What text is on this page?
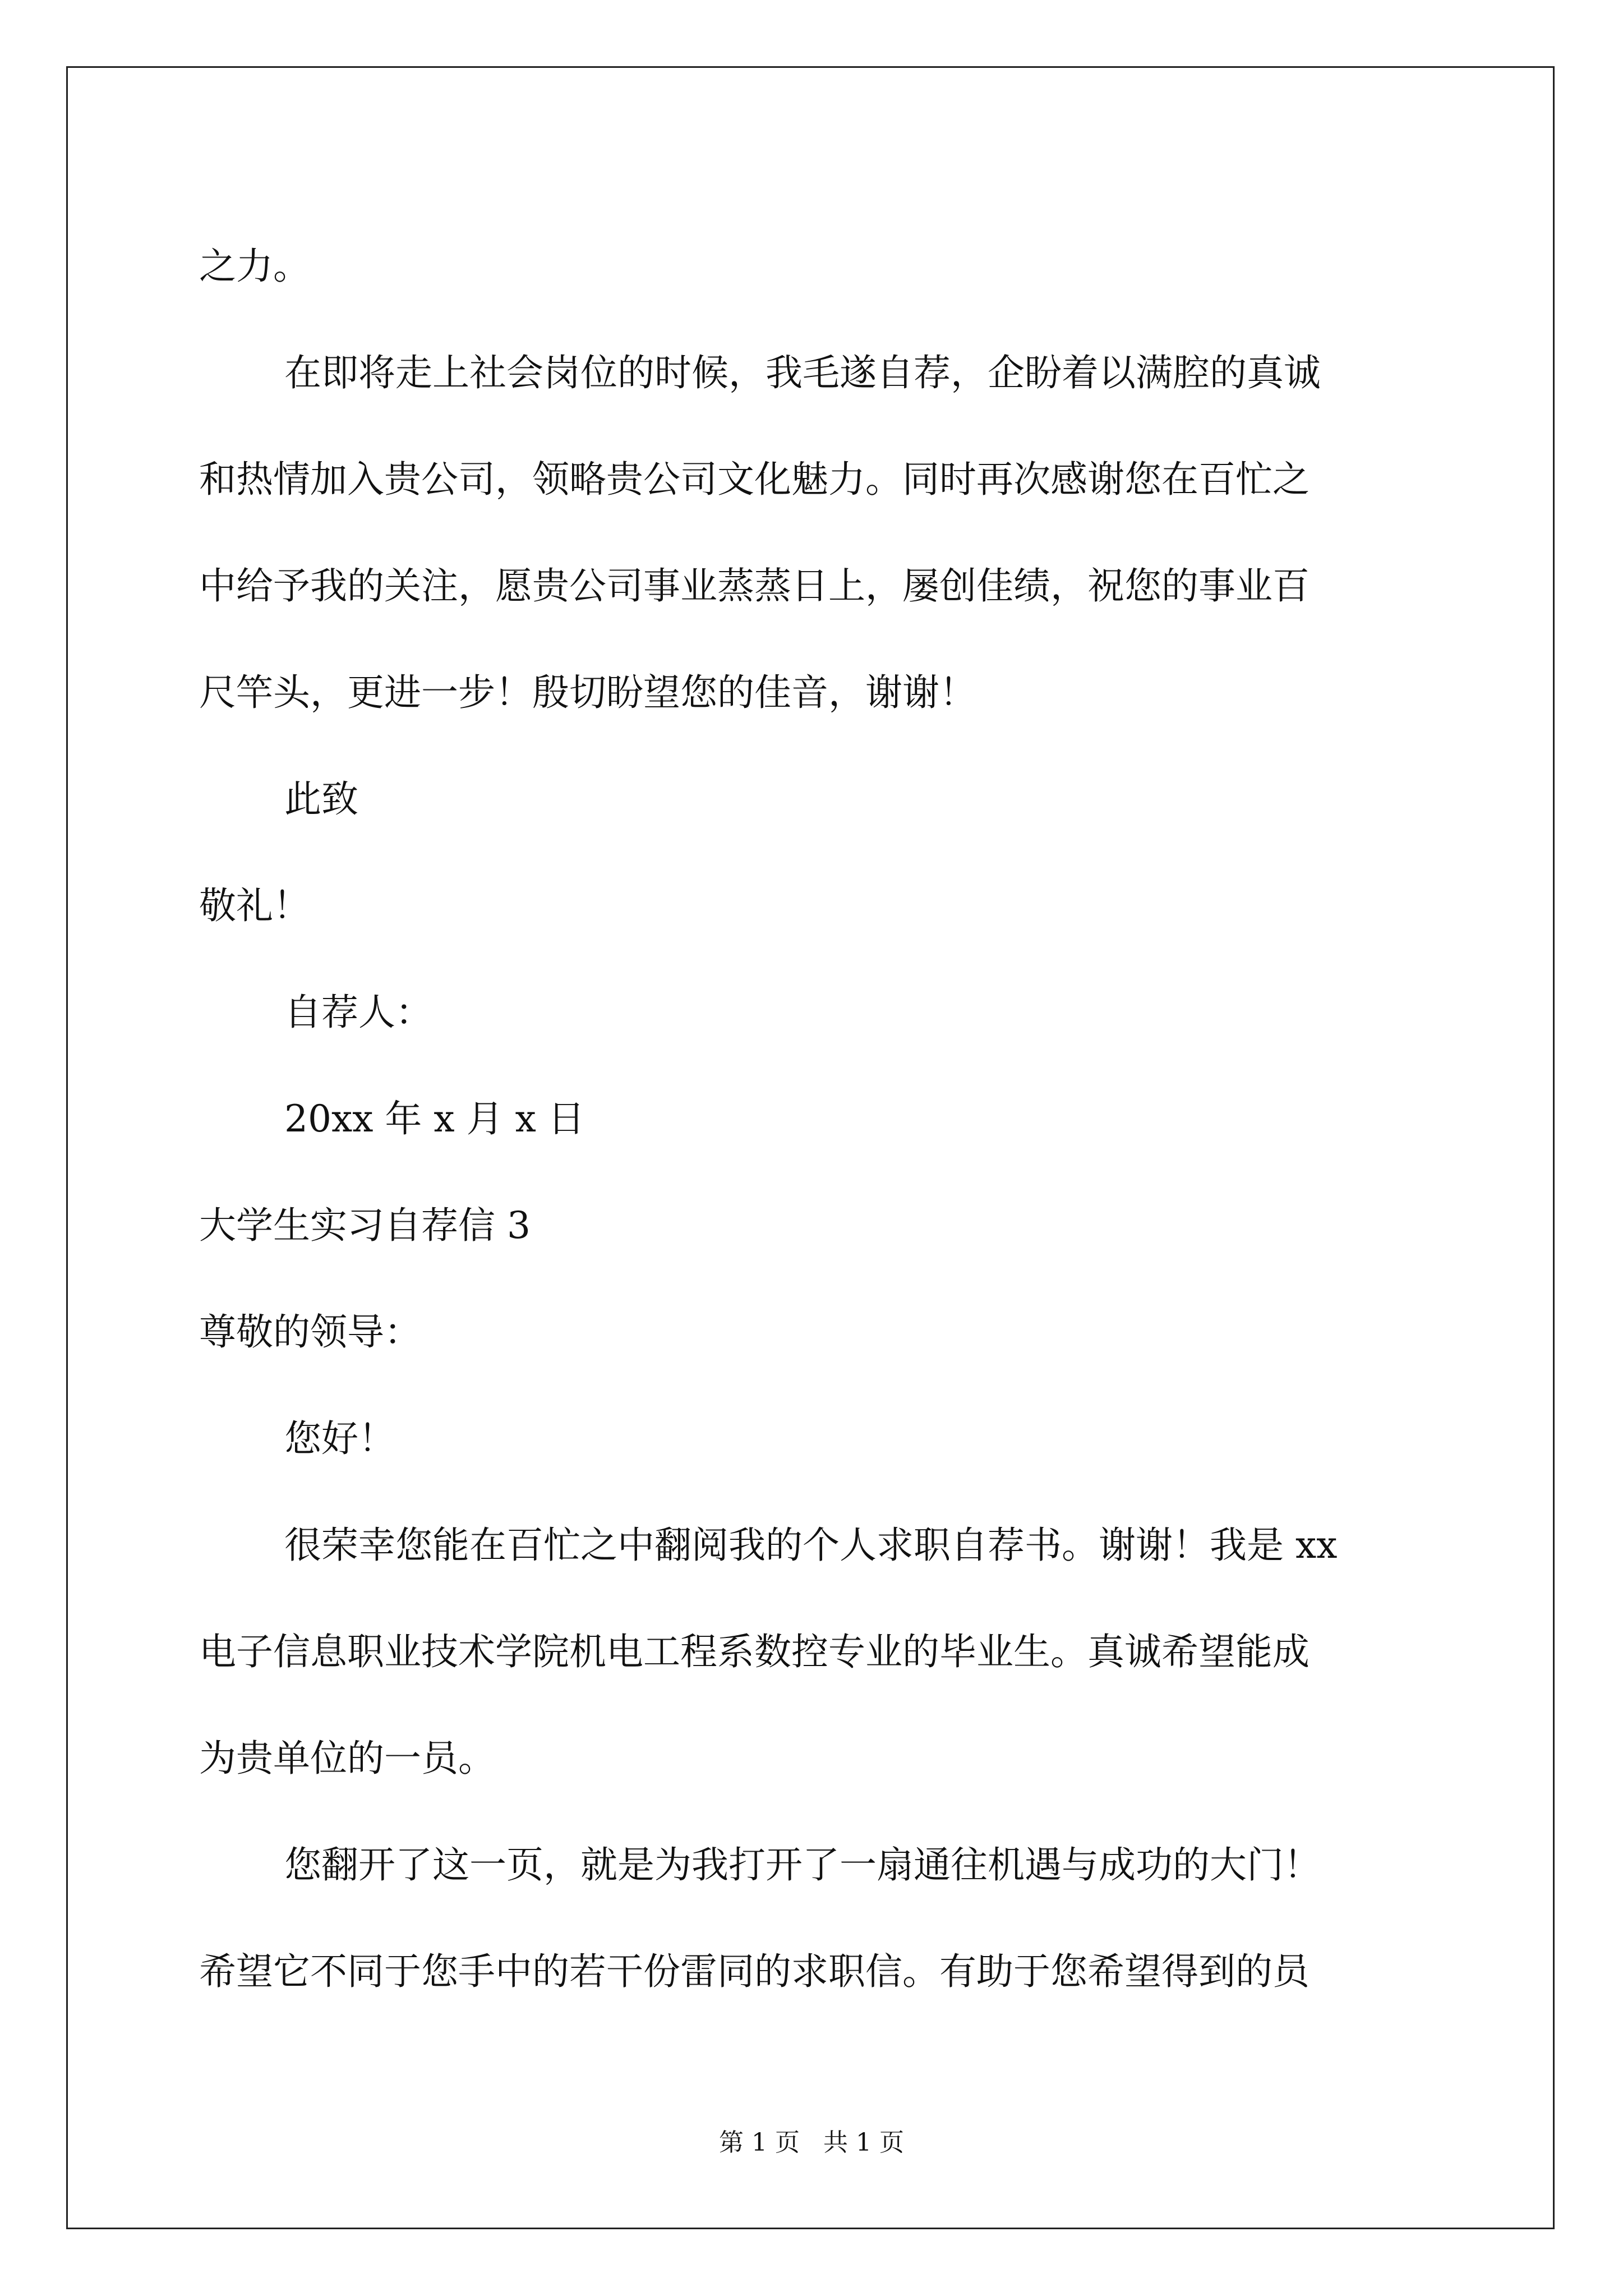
之力。
在即将走上社会岗位的时候，我毛遂自荐，企盼着以满腔的真诚
和热情加入贵公司，领略贵公司文化魅力。同时再次感谢您在百忙之
中给予我的关注，愿贵公司事业蒸蒸日上，屡创佳绩，祝您的事业百
尺竿头，更进一步！殷切盼望您的佳音，谢谢！
此致
敬礼！
自荐人：
20xx 年 x 月 x 日
大学生实习自荐信 3
尊敬的领导：
您好！
很荣幸您能在百忙之中翻阅我的个人求职自荐书。谢谢！我是 xx
电子信息职业技术学院机电工程系数控专业的毕业生。真诚希望能成
为贵单位的一员。
您翻开了这一页，就是为我打开了一扇通往机遇与成功的大门！
希望它不同于您手中的若干份雷同的求职信。有助于您希望得到的员
第 1 页   共 1 页
